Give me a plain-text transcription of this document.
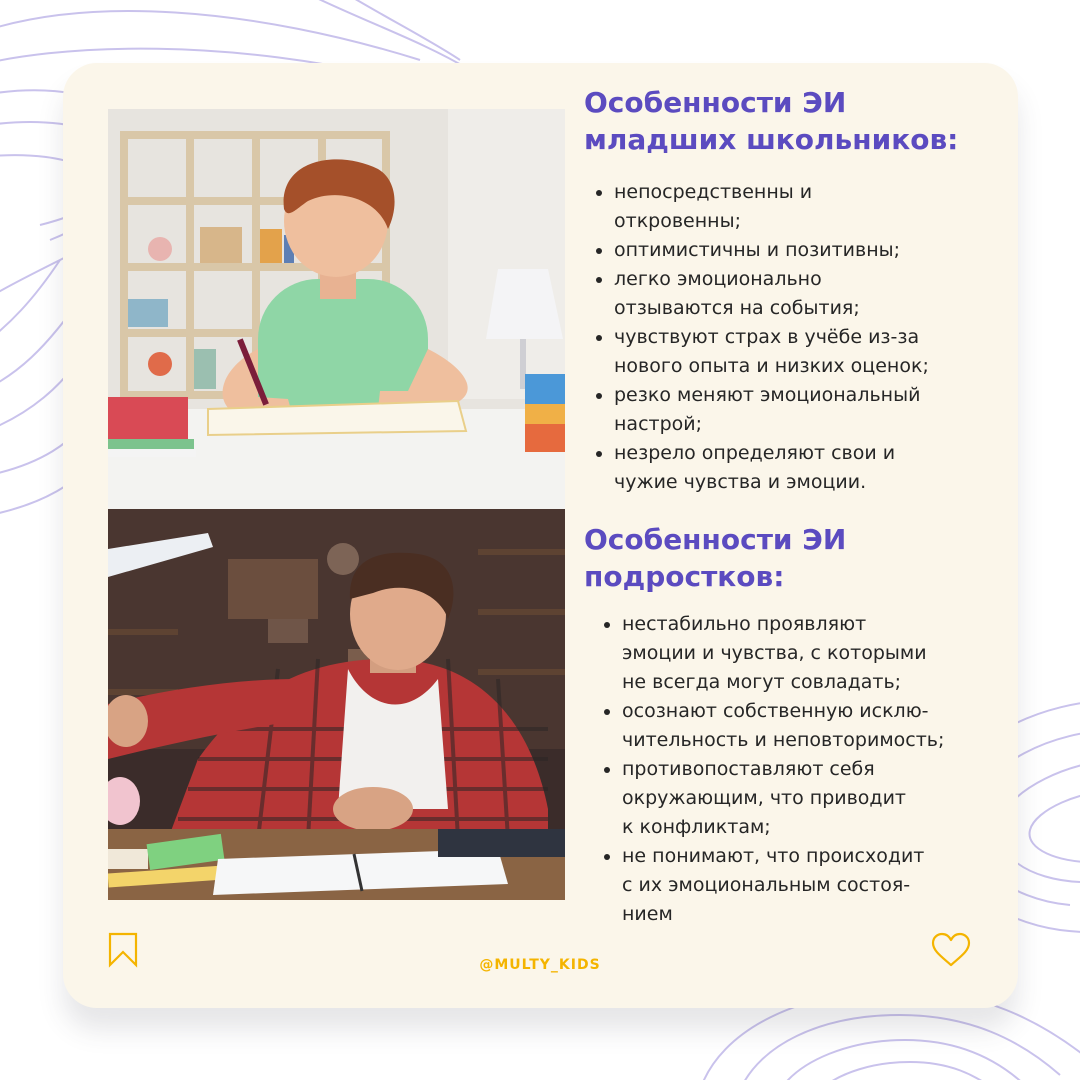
Особенности ЭИ
младших школьников:
непосредственны и
откровенны;
оптимистичны и позитивны;
легко эмоционально
отзываются на события;
чувствуют страх в учёбе из-за
нового опыта и низких оценок;
резко меняют эмоциональный
настрой;
незрело определяют свои и
чужие чувства и эмоции.
Особенности ЭИ
подростков:
нестабильно проявляют
эмоции и чувства, с которыми
не всегда могут совладать;
осознают собственную исклю-
чительность и неповторимость;
противопоставляют себя
окружающим, что приводит
к конфликтам;
не понимают, что происходит
с их эмоциональным состоя-
нием
@MULTY_KIDS
